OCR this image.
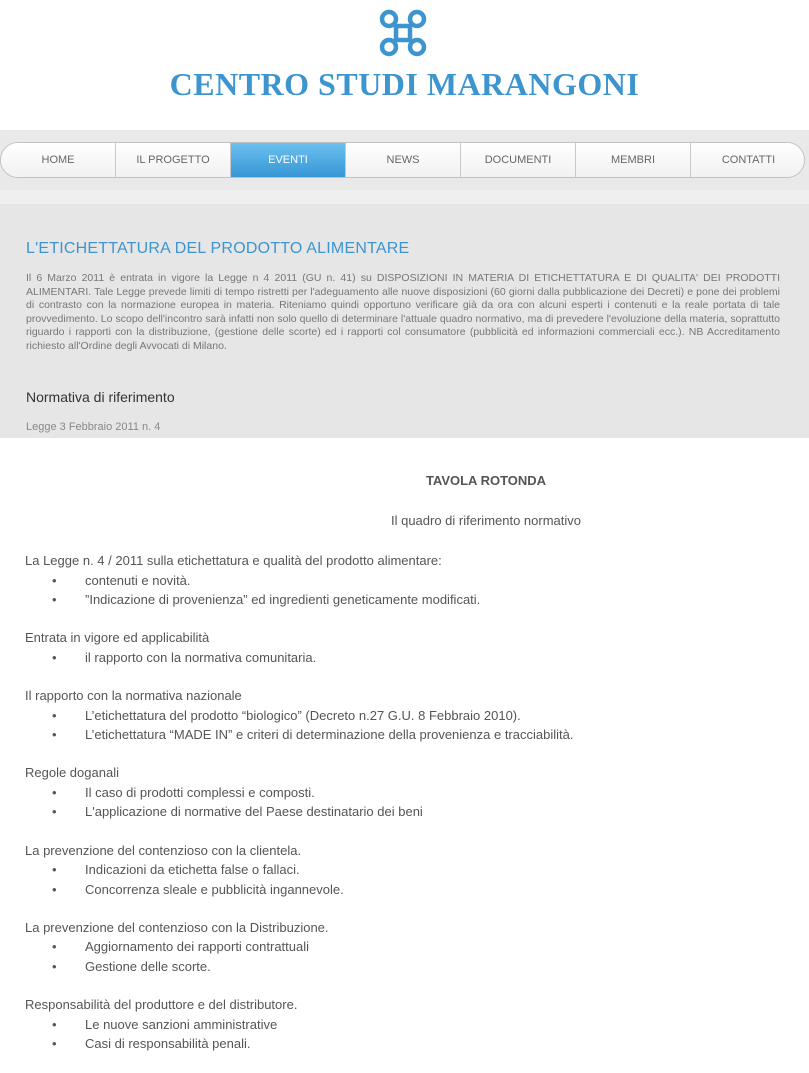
CENTRO STUDI MARANGONI
HOME	IL PROGETTO	EVENTI	NEWS	DOCUMENTI	MEMBRI	CONTATTI
L'ETICHETTATURA DEL PRODOTTO ALIMENTARE

Il 6 Marzo 2011 è entrata in vigore la Legge n 4 2011 (GU n. 41) su DISPOSIZIONI IN MATERIA DI ETICHETTATURA E DI QUALITA' DEI PRODOTTI ALIMENTARI. Tale Legge prevede limiti di tempo ristretti per l'adeguamento alle nuove disposizioni (60 giorni dalla pubblicazione dei Decreti) e pone dei problemi di contrasto con la normazione europea in materia. Riteniamo quindi opportuno verificare già da ora con alcuni esperti i contenuti e la reale portata di tale provvedimento. Lo scopo dell'incontro sarà infatti non solo quello di determinare l'attuale quadro normativo, ma di prevedere l'evoluzione della materia, soprattutto riguardo i rapporti con la distribuzione, (gestione delle scorte) ed i rapporti col consumatore (pubblicità ed informazioni commerciali ecc.). NB Accreditamento richiesto all'Ordine degli Avvocati di Milano.

Normativa di riferimento
Legge 3 Febbraio 2011 n. 4
TAVOLA ROTONDA
Il quadro di riferimento normativo
La Legge n. 4 / 2011 sulla etichettatura e qualità del prodotto alimentare:
• contenuti e novità.
• ”Indicazione di provenienza” ed ingredienti geneticamente modificati.
Entrata in vigore ed applicabilità
• il rapporto con la normativa comunitaria.
Il rapporto con la normativa nazionale
• L’etichettatura del prodotto “biologico” (Decreto n.27 G.U. 8 Febbraio 2010).
• L’etichettatura “MADE IN” e criteri di determinazione della provenienza e tracciabilità.
Regole doganali
• Il caso di prodotti complessi e composti.
• L'applicazione di normative del Paese destinatario dei beni
La prevenzione del contenzioso con la clientela.
• Indicazioni da etichetta false o fallaci.
• Concorrenza sleale e pubblicità ingannevole.
La prevenzione del contenzioso con la Distribuzione.
• Aggiornamento dei rapporti contrattuali
• Gestione delle scorte.
Responsabilità del produttore e del distributore.
• Le nuove sanzioni amministrative
• Casi di responsabilità penali.
